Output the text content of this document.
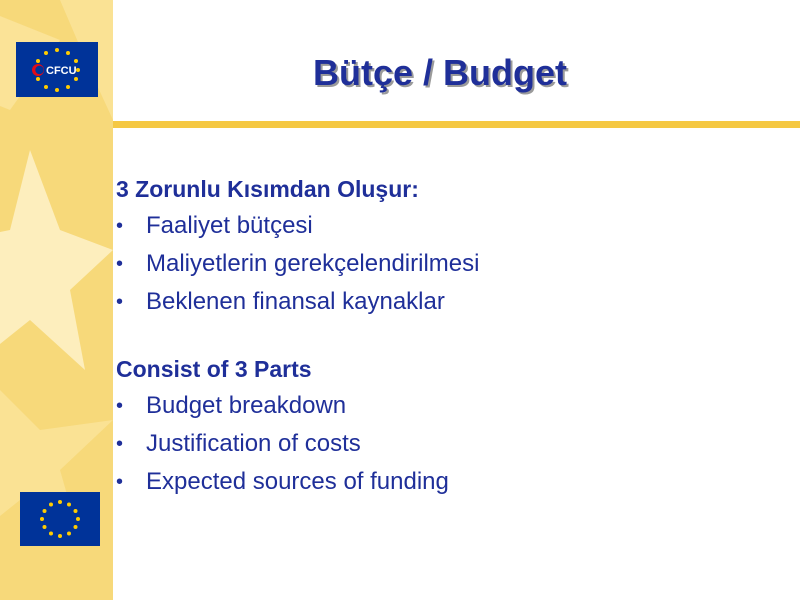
CFCU	Bütçe / Budget
3 Zorunlu Kısımdan Oluşur:
• Faaliyet bütçesi
• Maliyetlerin gerekçelendirilmesi
• Beklenen finansal kaynaklar
Consist of 3 Parts
• Budget breakdown
• Justification of costs
• Expected sources of funding
